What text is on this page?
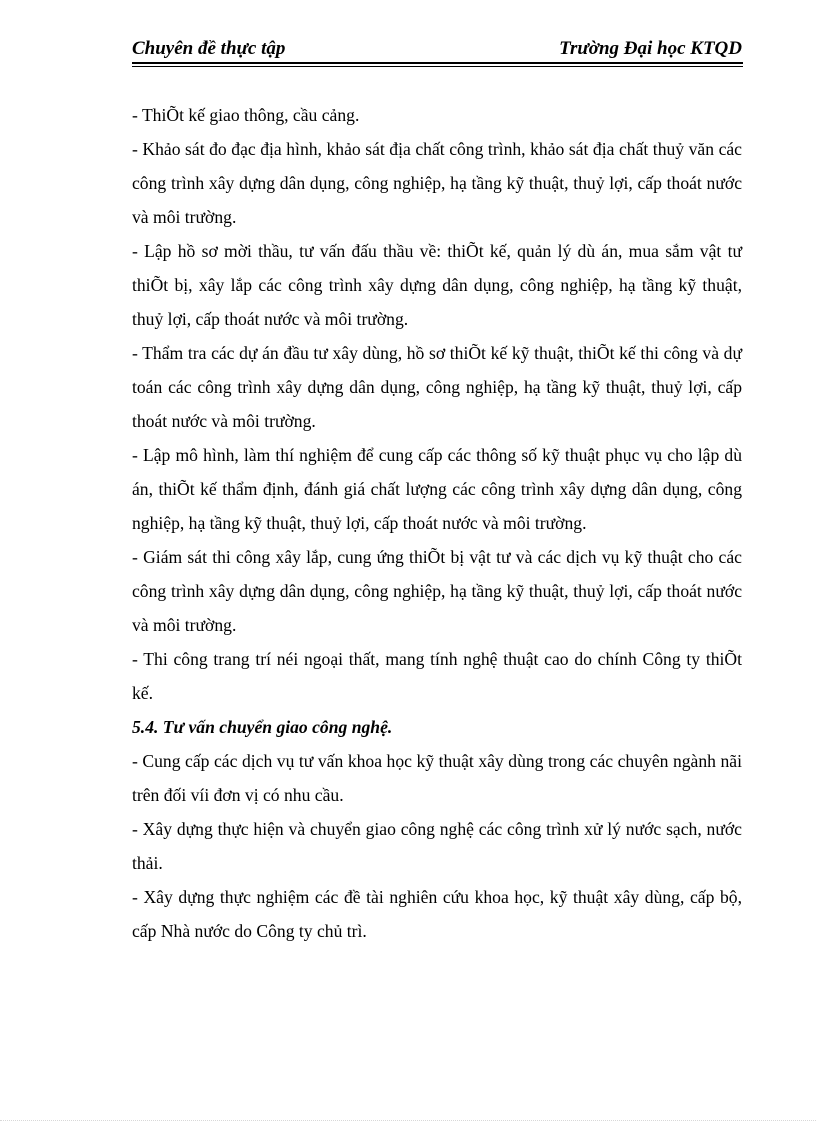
Chuyên đề thực tập	Trường Đại học KTQD

- ThiÕt kế giao thông, cầu cảng.

- Khảo sát đo đạc địa hình, khảo sát địa chất công trình, khảo sát địa chất thuỷ văn các công trình xây dựng dân dụng, công nghiệp, hạ tầng kỹ thuật, thuỷ lợi, cấp thoát nước và môi trường.

- Lập hồ sơ mời thầu, tư vấn đấu thầu về: thiÕt kế, quản lý dù án, mua sắm vật tư thiÕt bị, xây lắp các công trình xây dựng dân dụng, công nghiệp, hạ tầng kỹ thuật, thuỷ lợi, cấp thoát nước và môi trường.

- Thẩm tra các dự án đầu tư xây dùng, hồ sơ thiÕt kế kỹ thuật, thiÕt kế thi công và dự toán các công trình xây dựng dân dụng, công nghiệp, hạ tầng kỹ thuật, thuỷ lợi, cấp thoát nước và môi trường.

- Lập mô hình, làm thí nghiệm để cung cấp các thông số kỹ thuật phục vụ cho lập dù án, thiÕt kế thẩm định, đánh giá chất lượng các công trình xây dựng dân dụng, công nghiệp, hạ tầng kỹ thuật, thuỷ lợi, cấp thoát nước và môi trường.

- Giám sát thi công xây lắp, cung ứng thiÕt bị vật tư và các dịch vụ kỹ thuật cho các công trình xây dựng dân dụng, công nghiệp, hạ tầng kỹ thuật, thuỷ lợi, cấp thoát nước và môi trường.

- Thi công trang trí néi ngoại thất, mang tính nghệ thuật cao do chính Công ty thiÕt kế.

5.4. Tư vấn chuyển giao công nghệ.

- Cung cấp các dịch vụ tư vấn khoa học kỹ thuật xây dùng trong các chuyên ngành nãi trên đối víi đơn vị có nhu cầu.

- Xây dựng thực hiện và chuyển giao công nghệ các công trình xử lý nước sạch, nước thải.

- Xây dựng thực nghiệm các đề tài nghiên cứu khoa học, kỹ thuật xây dùng, cấp bộ, cấp Nhà nước do Công ty chủ trì.
